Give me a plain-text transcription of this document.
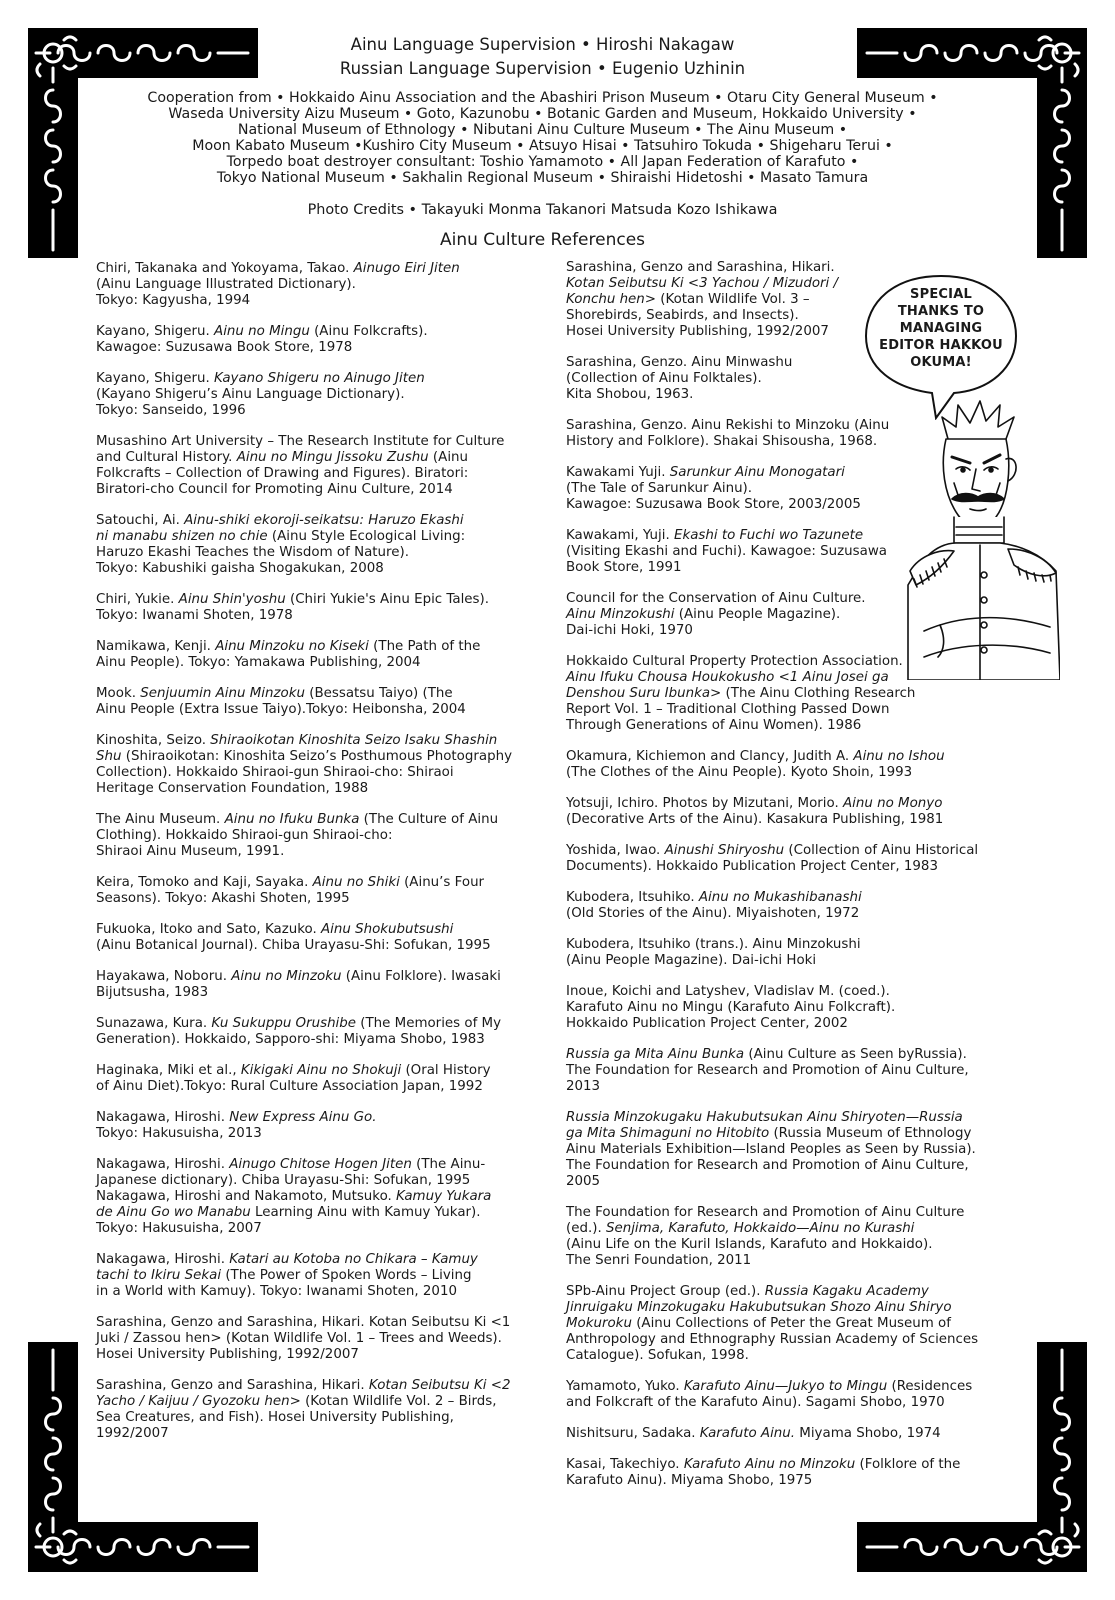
Ainu Language Supervision • Hiroshi Nakagaw
Russian Language Supervision • Eugenio Uzhinin
Cooperation from • Hokkaido Ainu Association and the Abashiri Prison Museum • Otaru City General Museum •
Waseda University Aizu Museum • Goto, Kazunobu • Botanic Garden and Museum, Hokkaido University •
National Museum of Ethnology • Nibutani Ainu Culture Museum • The Ainu Museum •
Moon Kabato Museum •Kushiro City Museum • Atsuyo Hisai • Tatsuhiro Tokuda • Shigeharu Terui •
Torpedo boat destroyer consultant: Toshio Yamamoto • All Japan Federation of Karafuto •
Tokyo National Museum • Sakhalin Regional Museum • Shiraishi Hidetoshi • Masato Tamura
Photo Credits • Takayuki Monma Takanori Matsuda Kozo Ishikawa
Ainu Culture References
Chiri, Takanaka and Yokoyama, Takao. Ainugo Eiri Jiten
(Ainu Language Illustrated Dictionary).
Tokyo: Kagyusha, 1994
Kayano, Shigeru. Ainu no Mingu (Ainu Folkcrafts).
Kawagoe: Suzusawa Book Store, 1978
Kayano, Shigeru. Kayano Shigeru no Ainugo Jiten
(Kayano Shigeru’s Ainu Language Dictionary).
Tokyo: Sanseido, 1996
Musashino Art University – The Research Institute for Culture
and Cultural History. Ainu no Mingu Jissoku Zushu (Ainu
Folkcrafts – Collection of Drawing and Figures). Biratori:
Biratori-cho Council for Promoting Ainu Culture, 2014
Satouchi, Ai. Ainu-shiki ekoroji-seikatsu: Haruzo Ekashi
ni manabu shizen no chie (Ainu Style Ecological Living:
Haruzo Ekashi Teaches the Wisdom of Nature).
Tokyo: Kabushiki gaisha Shogakukan, 2008
Chiri, Yukie. Ainu Shin'yoshu (Chiri Yukie's Ainu Epic Tales).
Tokyo: Iwanami Shoten, 1978
Namikawa, Kenji. Ainu Minzoku no Kiseki (The Path of the
Ainu People). Tokyo: Yamakawa Publishing, 2004
Mook. Senjuumin Ainu Minzoku (Bessatsu Taiyo) (The
Ainu People (Extra Issue Taiyo).Tokyo: Heibonsha, 2004
Kinoshita, Seizo. Shiraoikotan Kinoshita Seizo Isaku Shashin
Shu (Shiraoikotan: Kinoshita Seizo’s Posthumous Photography
Collection). Hokkaido Shiraoi-gun Shiraoi-cho: Shiraoi
Heritage Conservation Foundation, 1988
The Ainu Museum. Ainu no Ifuku Bunka (The Culture of Ainu
Clothing). Hokkaido Shiraoi-gun Shiraoi-cho:
Shiraoi Ainu Museum, 1991.
Keira, Tomoko and Kaji, Sayaka. Ainu no Shiki (Ainu’s Four
Seasons). Tokyo: Akashi Shoten, 1995
Fukuoka, Itoko and Sato, Kazuko. Ainu Shokubutsushi
(Ainu Botanical Journal). Chiba Urayasu-Shi: Sofukan, 1995
Hayakawa, Noboru. Ainu no Minzoku (Ainu Folklore). Iwasaki
Bijutsusha, 1983
Sunazawa, Kura. Ku Sukuppu Orushibe (The Memories of My
Generation). Hokkaido, Sapporo-shi: Miyama Shobo, 1983
Haginaka, Miki et al., Kikigaki Ainu no Shokuji (Oral History
of Ainu Diet).Tokyo: Rural Culture Association Japan, 1992
Nakagawa, Hiroshi. New Express Ainu Go.
Tokyo: Hakusuisha, 2013
Nakagawa, Hiroshi. Ainugo Chitose Hogen Jiten (The Ainu-
Japanese dictionary). Chiba Urayasu-Shi: Sofukan, 1995
Nakagawa, Hiroshi and Nakamoto, Mutsuko. Kamuy Yukara
de Ainu Go wo Manabu Learning Ainu with Kamuy Yukar).
Tokyo: Hakusuisha, 2007
Nakagawa, Hiroshi. Katari au Kotoba no Chikara – Kamuy
tachi to Ikiru Sekai (The Power of Spoken Words – Living
in a World with Kamuy). Tokyo: Iwanami Shoten, 2010
Sarashina, Genzo and Sarashina, Hikari. Kotan Seibutsu Ki <1
Juki / Zassou hen> (Kotan Wildlife Vol. 1 – Trees and Weeds).
Hosei University Publishing, 1992/2007
Sarashina, Genzo and Sarashina, Hikari. Kotan Seibutsu Ki <2
Yacho / Kaijuu / Gyozoku hen> (Kotan Wildlife Vol. 2 – Birds,
Sea Creatures, and Fish). Hosei University Publishing,
1992/2007
Sarashina, Genzo and Sarashina, Hikari.
Kotan Seibutsu Ki <3 Yachou / Mizudori /
Konchu hen> (Kotan Wildlife Vol. 3 –
Shorebirds, Seabirds, and Insects).
Hosei University Publishing, 1992/2007
Sarashina, Genzo. Ainu Minwashu
(Collection of Ainu Folktales).
Kita Shobou, 1963.
Sarashina, Genzo. Ainu Rekishi to Minzoku (Ainu
History and Folklore). Shakai Shisousha, 1968.
Kawakami Yuji. Sarunkur Ainu Monogatari
(The Tale of Sarunkur Ainu).
Kawagoe: Suzusawa Book Store, 2003/2005
Kawakami, Yuji. Ekashi to Fuchi wo Tazunete
(Visiting Ekashi and Fuchi). Kawagoe: Suzusawa
Book Store, 1991
Council for the Conservation of Ainu Culture.
Ainu Minzokushi (Ainu People Magazine).
Dai-ichi Hoki, 1970
Hokkaido Cultural Property Protection Association.
Ainu Ifuku Chousa Houkokusho <1 Ainu Josei ga
Denshou Suru Ibunka> (The Ainu Clothing Research
Report Vol. 1 – Traditional Clothing Passed Down
Through Generations of Ainu Women). 1986
Okamura, Kichiemon and Clancy, Judith A. Ainu no Ishou
(The Clothes of the Ainu People). Kyoto Shoin, 1993
Yotsuji, Ichiro. Photos by Mizutani, Morio. Ainu no Monyo
(Decorative Arts of the Ainu). Kasakura Publishing, 1981
Yoshida, Iwao. Ainushi Shiryoshu (Collection of Ainu Historical
Documents). Hokkaido Publication Project Center, 1983
Kubodera, Itsuhiko. Ainu no Mukashibanashi
(Old Stories of the Ainu). Miyaishoten, 1972
Kubodera, Itsuhiko (trans.). Ainu Minzokushi
(Ainu People Magazine). Dai-ichi Hoki
Inoue, Koichi and Latyshev, Vladislav M. (coed.).
Karafuto Ainu no Mingu (Karafuto Ainu Folkcraft).
Hokkaido Publication Project Center, 2002
Russia ga Mita Ainu Bunka (Ainu Culture as Seen byRussia).
The Foundation for Research and Promotion of Ainu Culture,
2013
Russia Minzokugaku Hakubutsukan Ainu Shiryoten—Russia
ga Mita Shimaguni no Hitobito (Russia Museum of Ethnology
Ainu Materials Exhibition—Island Peoples as Seen by Russia).
The Foundation for Research and Promotion of Ainu Culture,
2005
The Foundation for Research and Promotion of Ainu Culture
(ed.). Senjima, Karafuto, Hokkaido—Ainu no Kurashi
(Ainu Life on the Kuril Islands, Karafuto and Hokkaido).
The Senri Foundation, 2011
SPb-Ainu Project Group (ed.). Russia Kagaku Academy
Jinruigaku Minzokugaku Hakubutsukan Shozo Ainu Shiryo
Mokuroku (Ainu Collections of Peter the Great Museum of
Anthropology and Ethnography Russian Academy of Sciences
Catalogue). Sofukan, 1998.
Yamamoto, Yuko. Karafuto Ainu—Jukyo to Mingu (Residences
and Folkcraft of the Karafuto Ainu). Sagami Shobo, 1970
Nishitsuru, Sadaka. Karafuto Ainu. Miyama Shobo, 1974
Kasai, Takechiyo. Karafuto Ainu no Minzoku (Folklore of the
Karafuto Ainu). Miyama Shobo, 1975
SPECIAL
THANKS TO
MANAGING
EDITOR HAKKOU
OKUMA!
